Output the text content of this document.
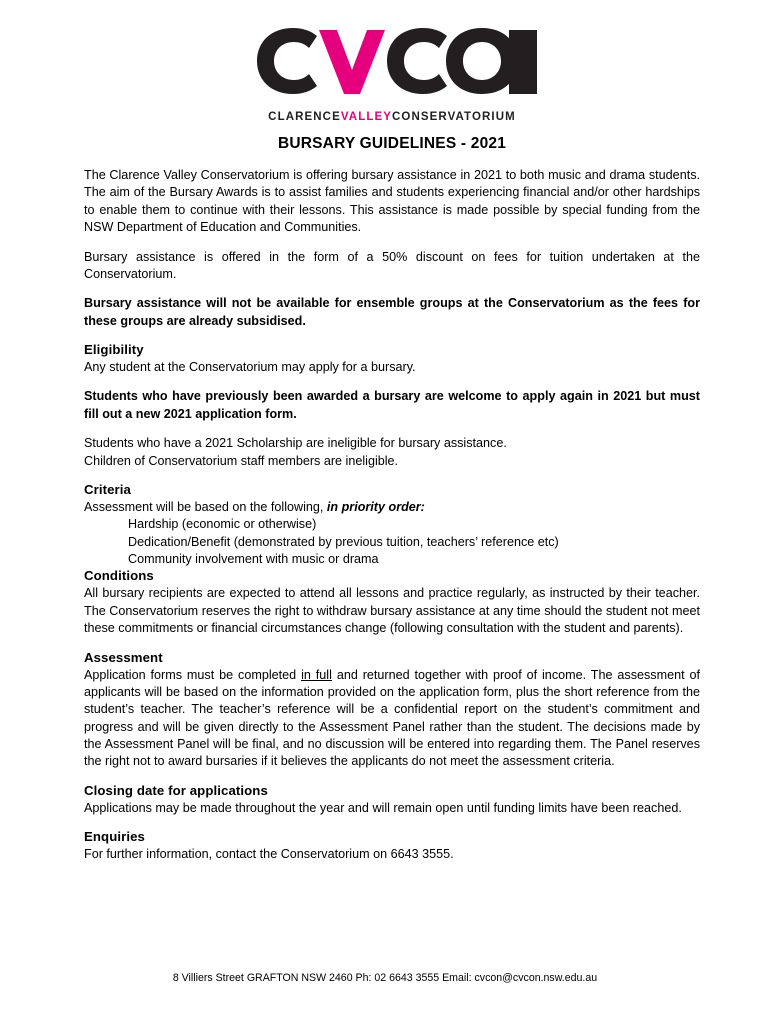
CLARENCEVALLEYCONSERVATORIUM
BURSARY GUIDELINES - 2021

The Clarence Valley Conservatorium is offering bursary assistance in 2021 to both music and drama students. The aim of the Bursary Awards is to assist families and students experiencing financial and/or other hardships to enable them to continue with their lessons. This assistance is made possible by special funding from the NSW Department of Education and Communities.

Bursary assistance is offered in the form of a 50% discount on fees for tuition undertaken at the Conservatorium.

Bursary assistance will not be available for ensemble groups at the Conservatorium as the fees for these groups are already subsidised.

Eligibility

Any student at the Conservatorium may apply for a bursary.

Students who have previously been awarded a bursary are welcome to apply again in 2021 but must fill out a new 2021 application form.

Students who have a 2021 Scholarship are ineligible for bursary assistance.

Children of Conservatorium staff members are ineligible.

Criteria

Assessment will be based on the following, in priority order:

Hardship (economic or otherwise)

Dedication/Benefit (demonstrated by previous tuition, teachers’ reference etc)

Community involvement with music or drama

Conditions

All bursary recipients are expected to attend all lessons and practice regularly, as instructed by their teacher. The Conservatorium reserves the right to withdraw bursary assistance at any time should the student not meet these commitments or financial circumstances change (following consultation with the student and parents).

Assessment

Application forms must be completed in full and returned together with proof of income. The assessment of applicants will be based on the information provided on the application form, plus the short reference from the student’s teacher. The teacher’s reference will be a confidential report on the student’s commitment and progress and will be given directly to the Assessment Panel rather than the student. The decisions made by the Assessment Panel will be final, and no discussion will be entered into regarding them. The Panel reserves the right not to award bursaries if it believes the applicants do not meet the assessment criteria.

Closing date for applications

Applications may be made throughout the year and will remain open until funding limits have been reached.

Enquiries

For further information, contact the Conservatorium on 6643 3555.

8 Villiers Street GRAFTON NSW 2460 Ph: 02 6643 3555 Email: cvcon@cvcon.nsw.edu.au
